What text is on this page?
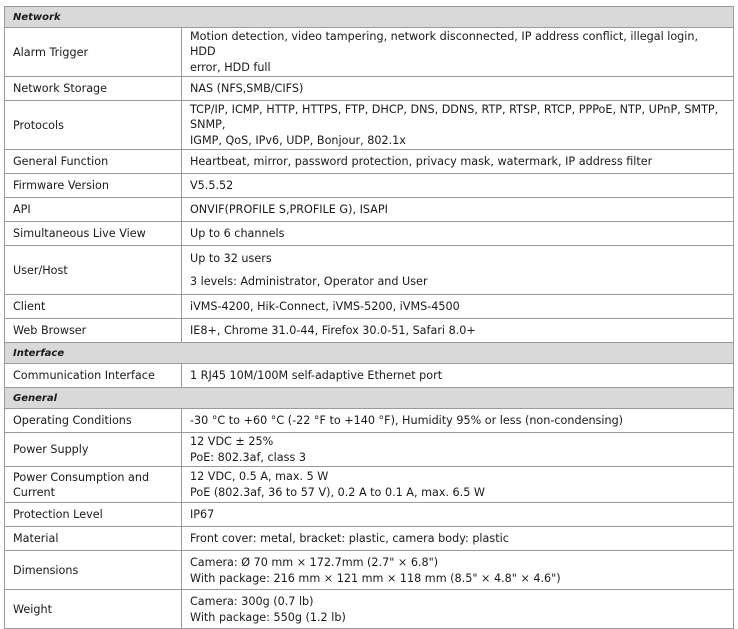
Network	
Alarm Trigger	Motion detection, video tampering, network disconnected, IP address conflict, illegal login, HDD
error, HDD full

Network Storage	NAS (NFS,SMB/CIFS)

Protocols	TCP/IP, ICMP, HTTP, HTTPS, FTP, DHCP, DNS, DDNS, RTP, RTSP, RTCP, PPPoE, NTP, UPnP, SMTP, SNMP,
IGMP, QoS, IPv6, UDP, Bonjour, 802.1x

General Function	Heartbeat, mirror, password protection, privacy mask, watermark, IP address filter

Firmware Version	V5.5.52

API	ONVIF(PROFILE S,PROFILE G), ISAPI

Simultaneous Live View	Up to 6 channels

User/Host	Up to 32 users
3 levels: Administrator, Operator and User

Client	iVMS-4200, Hik-Connect, iVMS-5200, iVMS-4500

Web Browser	IE8+, Chrome 31.0-44, Firefox 30.0-51, Safari 8.0+

Interface	
Communication Interface	1 RJ45 10M/100M self-adaptive Ethernet port

General	
Operating Conditions	-30 °C to +60 °C (-22 °F to +140 °F), Humidity 95% or less (non-condensing)

Power Supply	12 VDC ± 25%
PoE: 802.3af, class 3

Power Consumption and Current	12 VDC, 0.5 A, max. 5 W
PoE (802.3af, 36 to 57 V), 0.2 A to 0.1 A, max. 6.5 W

Protection Level	IP67

Material	Front cover: metal, bracket: plastic, camera body: plastic

Dimensions	Camera: Ø 70 mm × 172.7mm (2.7" × 6.8")
With package: 216 mm × 121 mm × 118 mm (8.5" × 4.8" × 4.6")

Weight	Camera: 300g (0.7 lb)
With package: 550g (1.2 lb)
